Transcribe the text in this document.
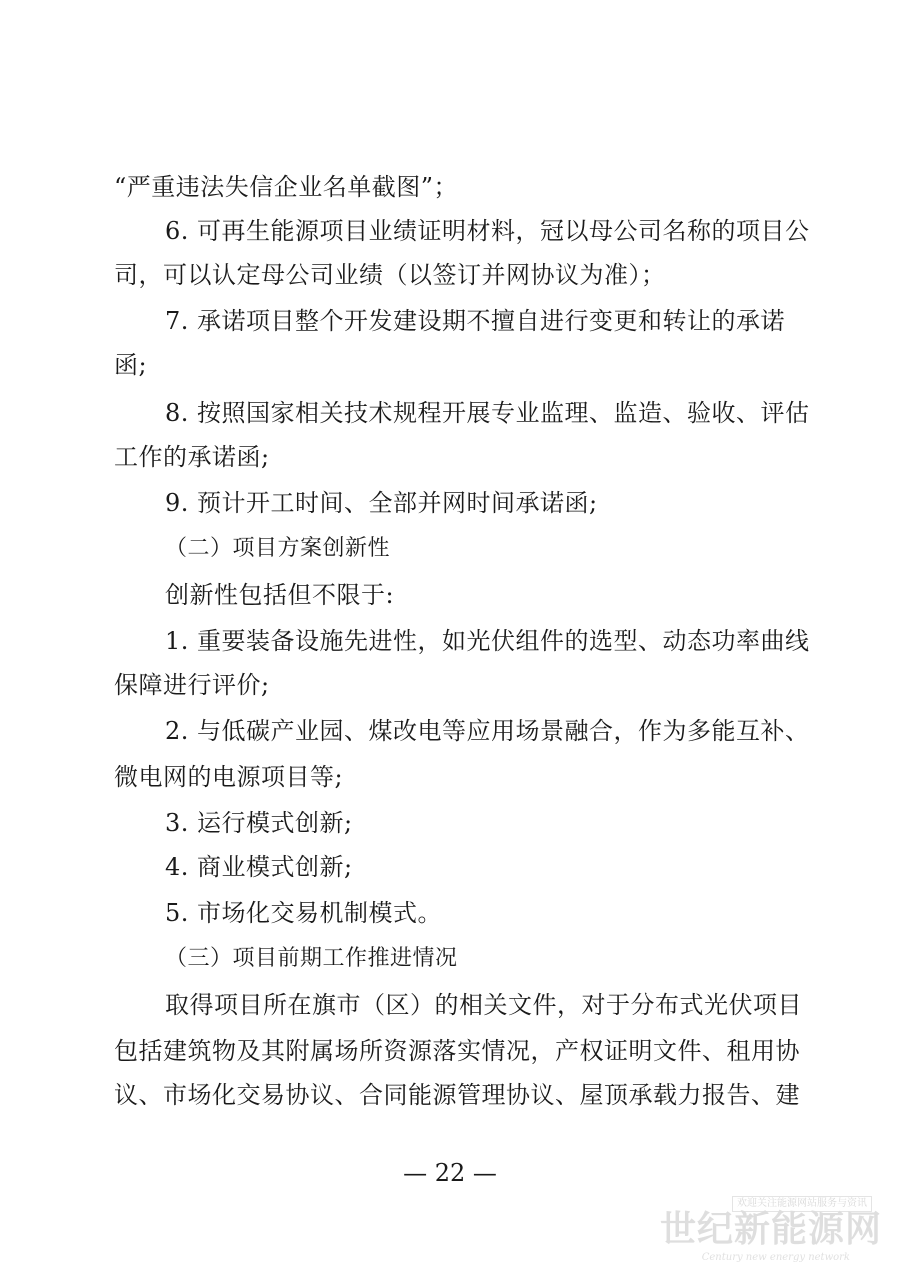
“严重违法失信企业名单截图”；
6. 可再生能源项目业绩证明材料，冠以母公司名称的项目公
司，可以认定母公司业绩（以签订并网协议为准）；
7. 承诺项目整个开发建设期不擅自进行变更和转让的承诺
函;
8. 按照国家相关技术规程开展专业监理、监造、验收、评估
工作的承诺函;
9. 预计开工时间、全部并网时间承诺函;
（二）项目方案创新性
创新性包括但不限于:
1. 重要装备设施先进性，如光伏组件的选型、动态功率曲线
保障进行评价;
2. 与低碳产业园、煤改电等应用场景融合，作为多能互补、
微电网的电源项目等;
3. 运行模式创新;
4. 商业模式创新;
5. 市场化交易机制模式。
（三）项目前期工作推进情况
取得项目所在旗市（区）的相关文件，对于分布式光伏项目
包括建筑物及其附属场所资源落实情况，产权证明文件、租用协
议、市场化交易协议、合同能源管理协议、屋顶承载力报告、建
— 22 —
欢迎关注能源网站服务与资讯
世纪新能源网
Century new energy network
